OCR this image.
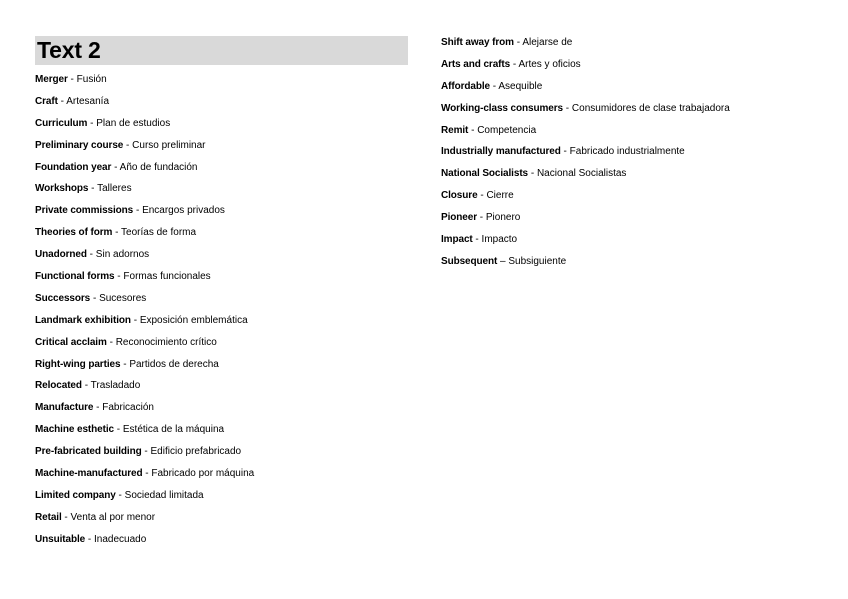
Text 2
Merger - Fusión
Craft - Artesanía
Curriculum - Plan de estudios
Preliminary course - Curso preliminar
Foundation year - Año de fundación
Workshops - Talleres
Private commissions - Encargos privados
Theories of form - Teorías de forma
Unadorned - Sin adornos
Functional forms - Formas funcionales
Successors - Sucesores
Landmark exhibition - Exposición emblemática
Critical acclaim - Reconocimiento crítico
Right-wing parties - Partidos de derecha
Relocated - Trasladado
Manufacture - Fabricación
Machine esthetic - Estética de la máquina
Pre-fabricated building - Edificio prefabricado
Machine-manufactured - Fabricado por máquina
Limited company - Sociedad limitada
Retail - Venta al por menor
Unsuitable - Inadecuado
Shift away from - Alejarse de
Arts and crafts - Artes y oficios
Affordable - Asequible
Working-class consumers - Consumidores de clase trabajadora
Remit - Competencia
Industrially manufactured - Fabricado industrialmente
National Socialists - Nacional Socialistas
Closure - Cierre
Pioneer - Pionero
Impact - Impacto
Subsequent – Subsiguiente
